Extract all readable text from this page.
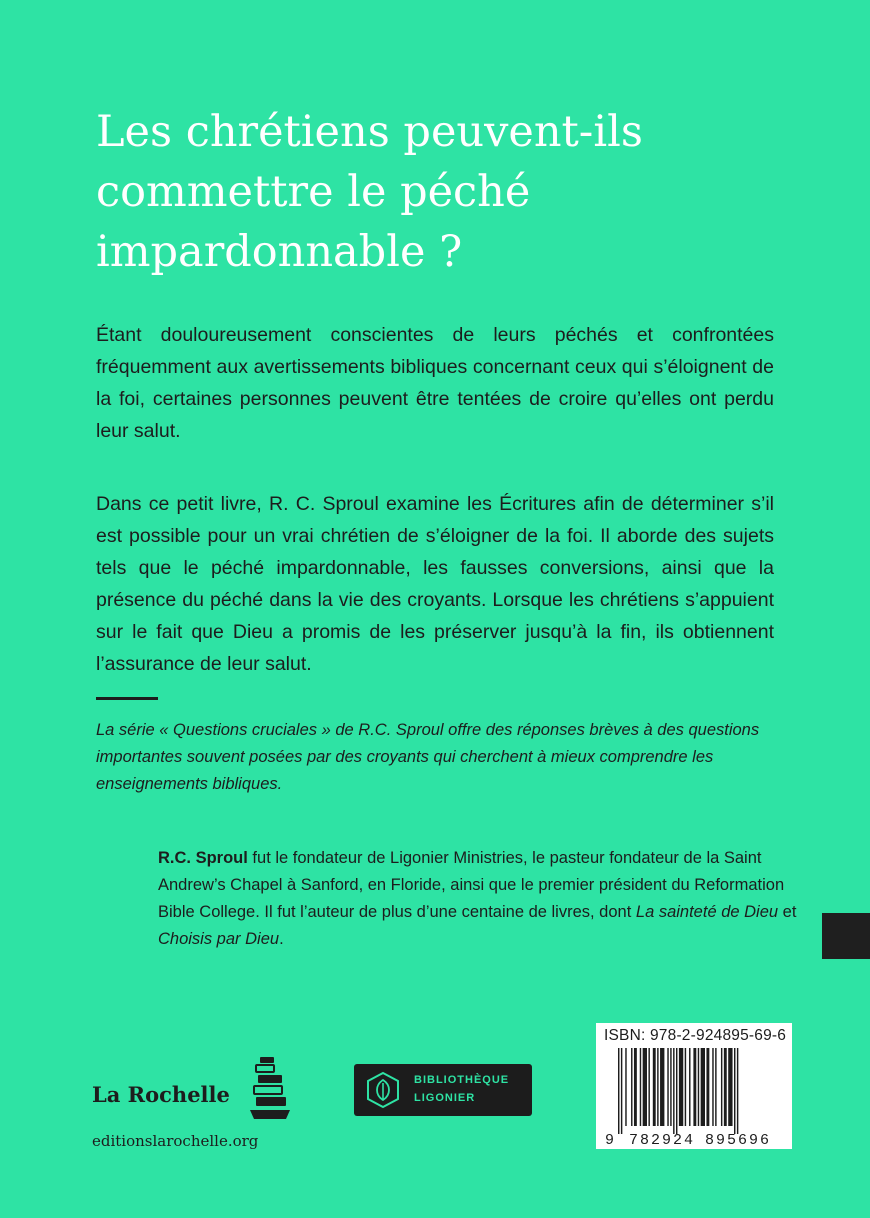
Les chrétiens peuvent-ils
commettre le péché
impardonnable ?

Étant douloureusement conscientes de leurs péchés et confrontées fréquemment aux avertissements bibliques concernant ceux qui s’éloignent de la foi, certaines personnes peuvent être tentées de croire qu’elles ont perdu leur salut.

Dans ce petit livre, R. C. Sproul examine les Écritures afin de déterminer s’il est possible pour un vrai chrétien de s’éloigner de la foi. Il aborde des sujets tels que le péché impardonnable, les fausses conversions, ainsi que la présence du péché dans la vie des croyants. Lorsque les chrétiens s’appuient sur le fait que Dieu a promis de les préserver jusqu’à la fin, ils obtiennent l’assurance de leur salut.

La série « Questions cruciales » de R.C. Sproul offre des réponses brèves à des questions importantes souvent posées par des croyants qui cherchent à mieux comprendre les enseignements bibliques.

R.C. Sproul fut le fondateur de Ligonier Ministries, le pasteur fondateur de la Saint Andrew’s Chapel à Sanford, en Floride, ainsi que le premier président du Reformation Bible College. Il fut l’auteur de plus d’une centaine de livres, dont La sainteté de Dieu et Choisis par Dieu.

La Rochelle

editionslarochelle.org

BIBLIOTHÈQUE
LIGONIER
ISBN: 978-2-924895-69-6
9 782924 895696
